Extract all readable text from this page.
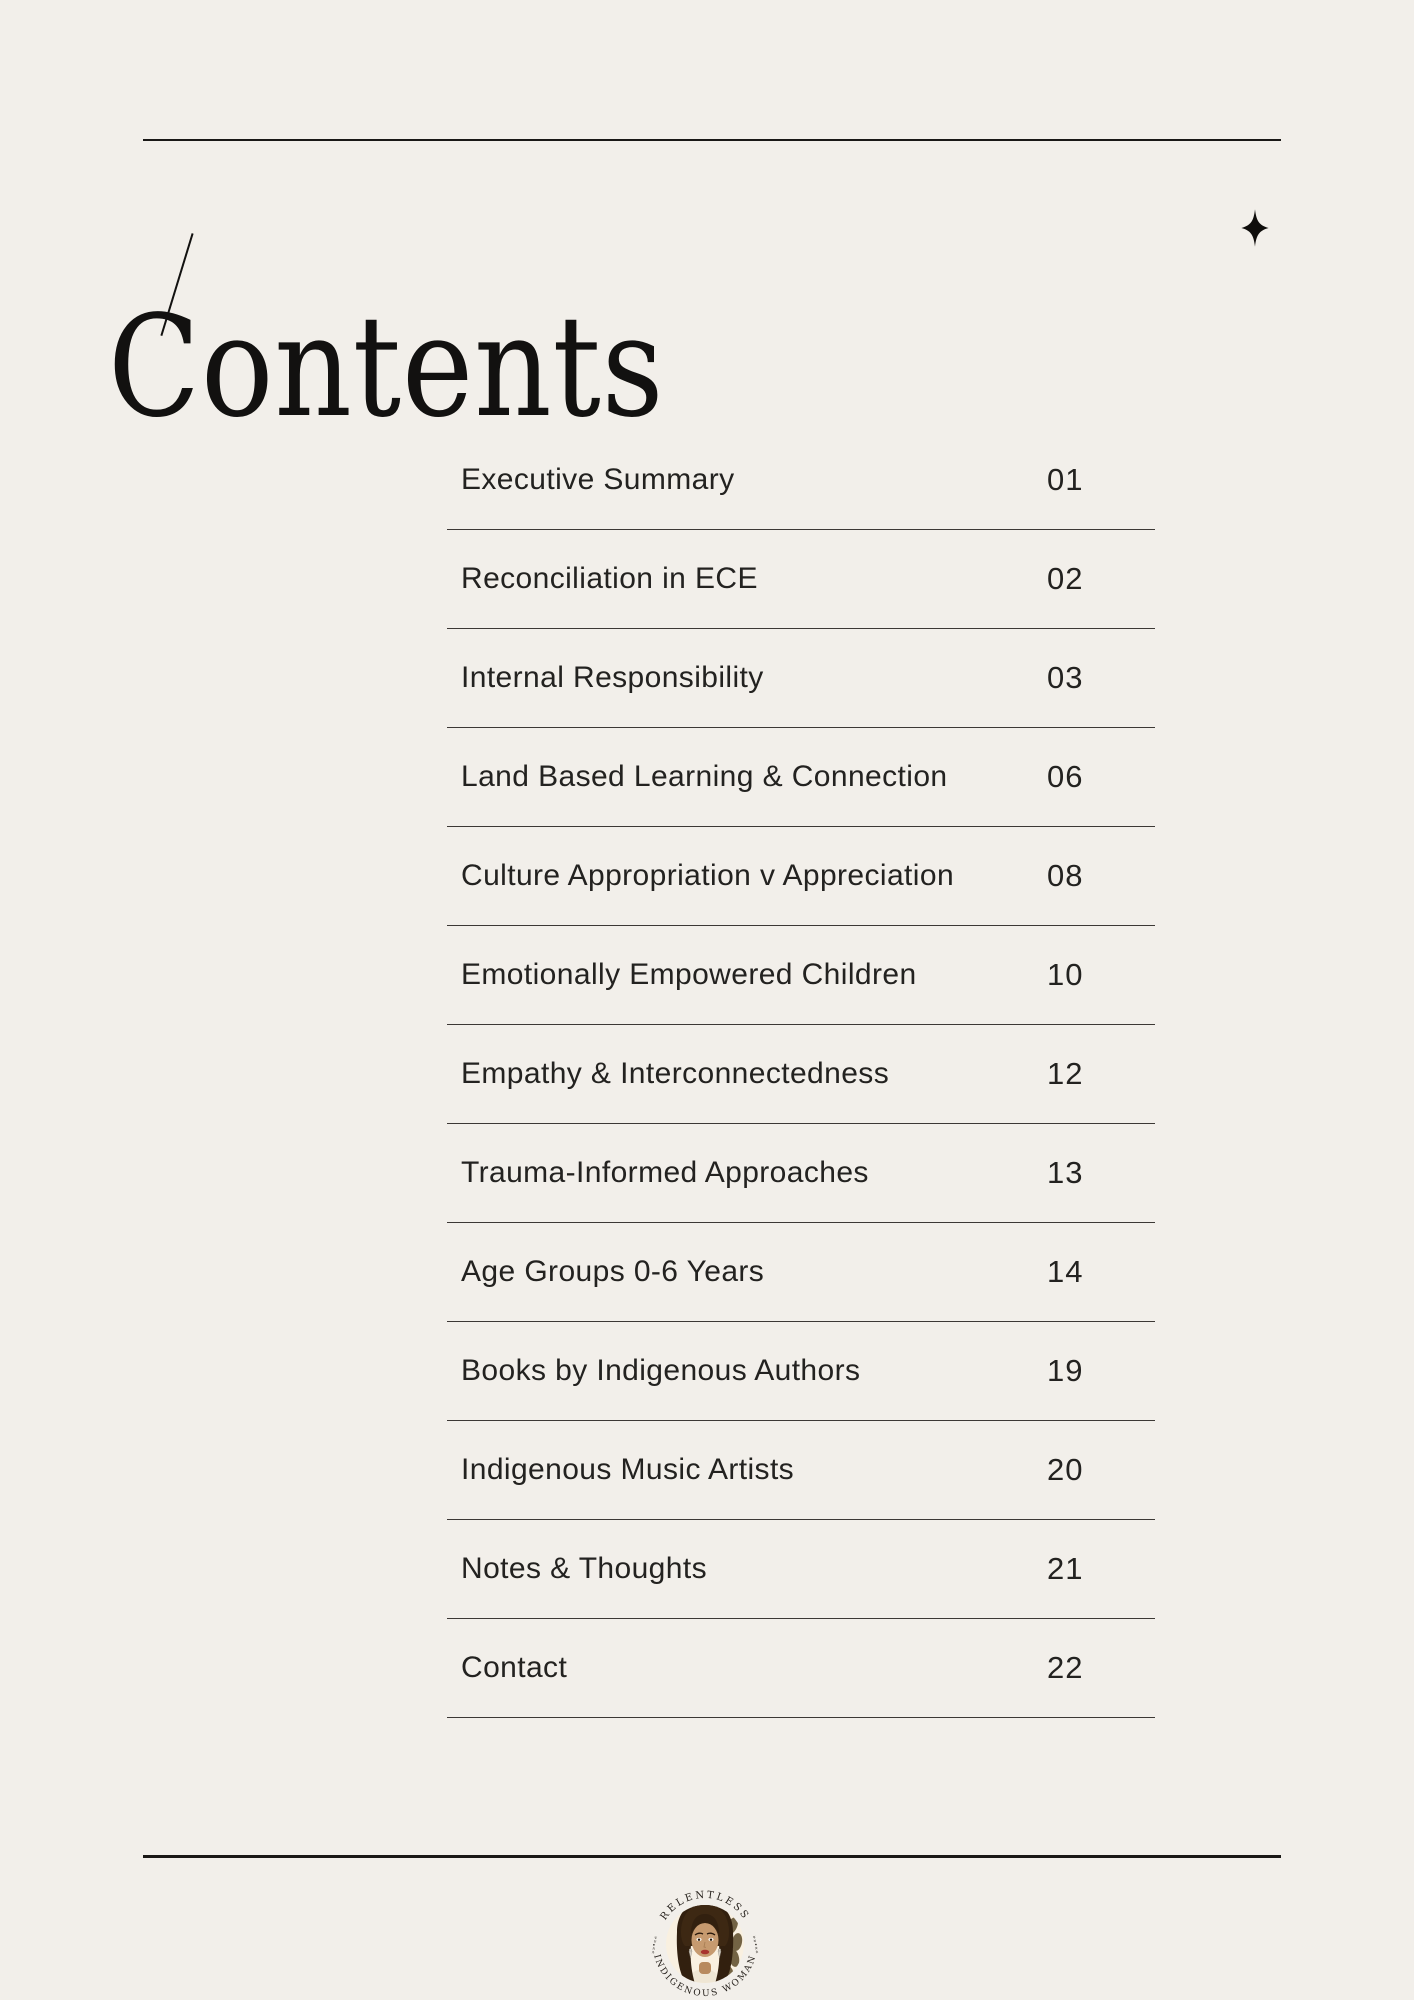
Contents
Executive Summary	01
Reconciliation in ECE	02
Internal Responsibility	03
Land Based Learning & Connection	06
Culture Appropriation v Appreciation	08
Emotionally Empowered Children	10
Empathy & Interconnectedness	12
Trauma-Informed Approaches	13
Age Groups 0-6 Years	14
Books by Indigenous Authors	19
Indigenous Music Artists	20
Notes & Thoughts	21
Contact	22
RELENTLESS
INDIGENOUS WOMAN
»»•««	»»•««
